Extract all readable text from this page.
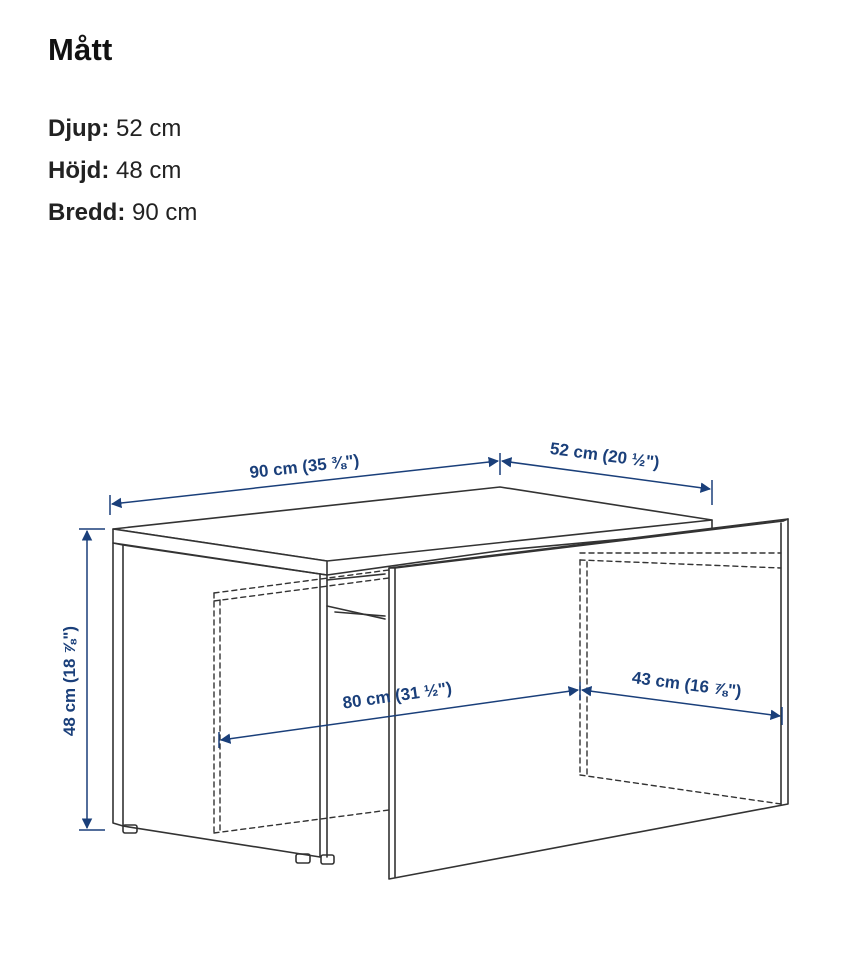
Mått
Djup: 52 cm
Höjd: 48 cm
Bredd: 90 cm
90 cm (35 ⅜")	52 cm (20 ½")
48 cm (18 ⅞")	80 cm (31 ½")	43 cm (16 ⅞")
